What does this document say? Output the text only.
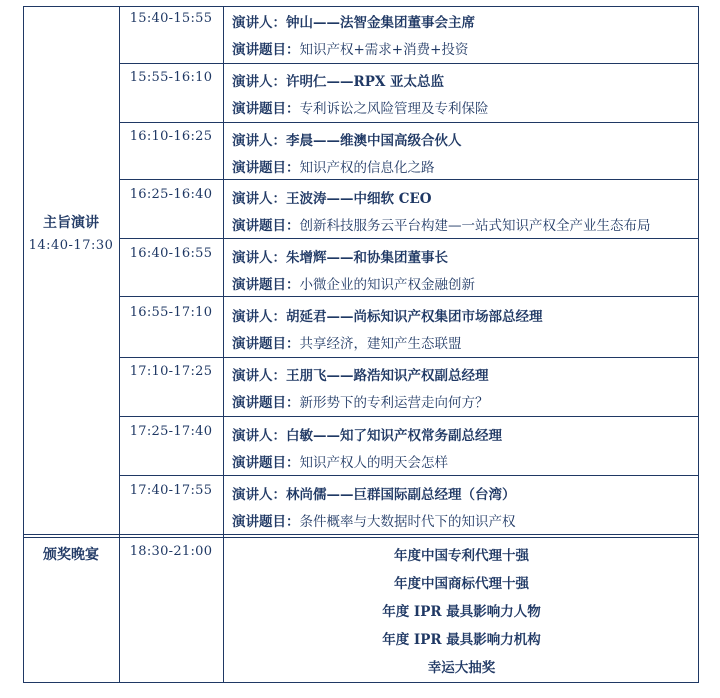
主旨演讲
14:40-17:30
15:40-15:55	演讲人：钟山——法智金集团董事会主席
演讲题目：知识产权+需求+消费+投资
15:55-16:10	演讲人：许明仁——RPX 亚太总监
演讲题目：专利诉讼之风险管理及专利保险
16:10-16:25	演讲人：李晨——维澳中国高级合伙人
演讲题目：知识产权的信息化之路
16:25-16:40	演讲人：王波涛——中细软 CEO
演讲题目：创新科技服务云平台构建—一站式知识产权全产业生态布局
16:40-16:55	演讲人：朱增辉——和协集团董事长
演讲题目：小微企业的知识产权金融创新
16:55-17:10	演讲人：胡延君——尚标知识产权集团市场部总经理
演讲题目：共享经济，建知产生态联盟
17:10-17:25	演讲人：王朋飞——路浩知识产权副总经理
演讲题目：新形势下的专利运营走向何方？
17:25-17:40	演讲人：白敏——知了知识产权常务副总经理
演讲题目：知识产权人的明天会怎样
17:40-17:55	演讲人：林尚儒——巨群国际副总经理（台湾）
演讲题目：条件概率与大数据时代下的知识产权
颁奖晚宴	18:30-21:00	年度中国专利代理十强
年度中国商标代理十强
年度 IPR 最具影响力人物
年度 IPR 最具影响力机构
幸运大抽奖
